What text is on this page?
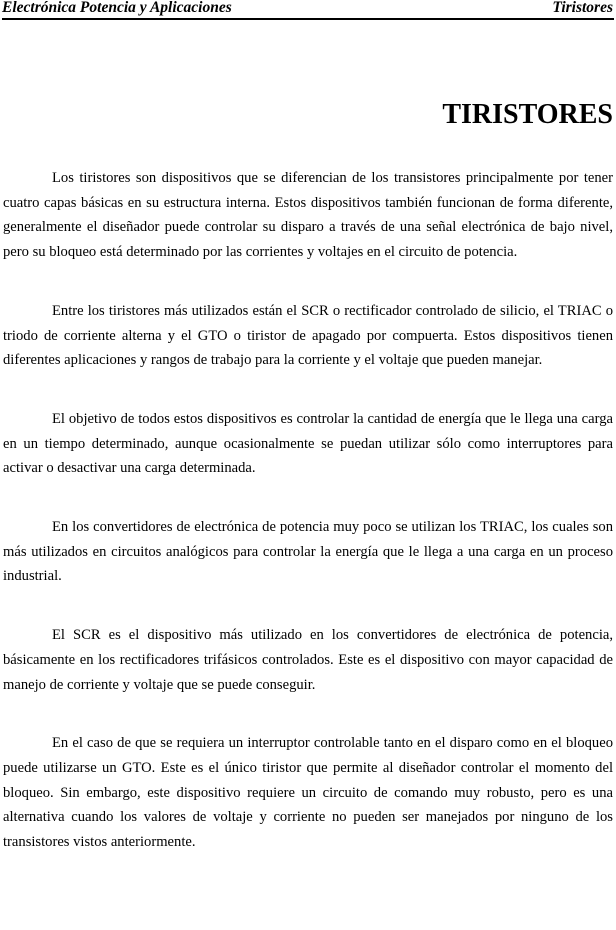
Electrónica Potencia y Aplicaciones	Tiristores
TIRISTORES

Los tiristores son dispositivos que se diferencian de los transistores principalmente por tener cuatro capas básicas en su estructura interna. Estos dispositivos también funcionan de forma diferente, generalmente el diseñador puede controlar su disparo a través de una señal electrónica de bajo nivel, pero su bloqueo está determinado por las corrientes y voltajes en el circuito de potencia.

Entre los tiristores más utilizados están el SCR o rectificador controlado de silicio, el TRIAC o triodo de corriente alterna y el GTO o tiristor de apagado por compuerta. Estos dispositivos tienen diferentes aplicaciones y rangos de trabajo para la corriente y el voltaje que pueden manejar.

El objetivo de todos estos dispositivos es controlar la cantidad de energía que le llega una carga en un tiempo determinado, aunque ocasionalmente se puedan utilizar sólo como interruptores para activar o desactivar una carga determinada.

En los convertidores de electrónica de potencia muy poco se utilizan los TRIAC, los cuales son más utilizados en circuitos analógicos para controlar la energía que le llega a una carga en un proceso industrial.

El SCR es el dispositivo más utilizado en los convertidores de electrónica de potencia, básicamente en los rectificadores trifásicos controlados. Este es el dispositivo con mayor capacidad de manejo de corriente y voltaje que se puede conseguir.

En el caso de que se requiera un interruptor controlable tanto en el disparo como en el bloqueo puede utilizarse un GTO. Este es el único tiristor que permite al diseñador controlar el momento del bloqueo. Sin embargo, este dispositivo requiere un circuito de comando muy robusto, pero es una alternativa cuando los valores de voltaje y corriente no pueden ser manejados por ninguno de los transistores vistos anteriormente.
